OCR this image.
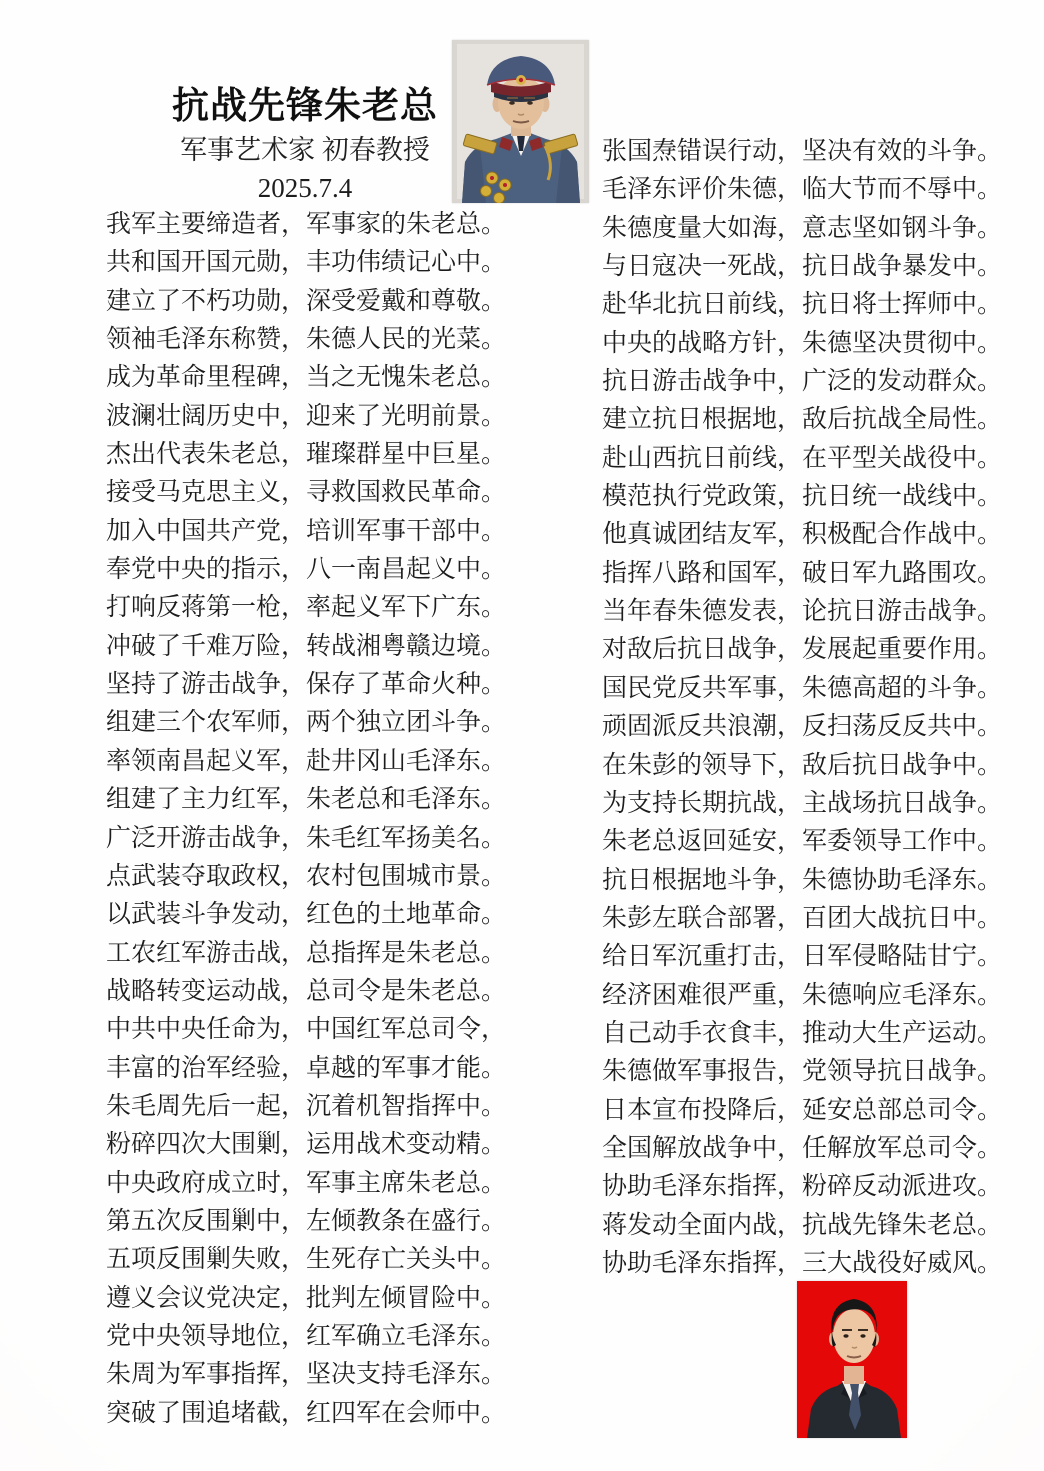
抗战先锋朱老总
军事艺术家 初春教授
2025.7.4
我军主要缔造者，军事家的朱老总。
共和国开国元勋，丰功伟绩记心中。
建立了不朽功勋，深受爱戴和尊敬。
领袖毛泽东称赞，朱德人民的光菜。
成为革命里程碑，当之无愧朱老总。
波澜壮阔历史中，迎来了光明前景。
杰出代表朱老总，璀璨群星中巨星。
接受马克思主义，寻救国救民革命。
加入中国共产党，培训军事干部中。
奉党中央的指示，八一南昌起义中。
打响反蒋第一枪，率起义军下广东。
冲破了千难万险，转战湘粤赣边境。
坚持了游击战争，保存了革命火种。
组建三个农军师，两个独立团斗争。
率领南昌起义军，赴井冈山毛泽东。
组建了主力红军，朱老总和毛泽东。
广泛开游击战争，朱毛红军扬美名。
点武装夺取政权，农村包围城市景。
以武装斗争发动，红色的土地革命。
工农红军游击战，总指挥是朱老总。
战略转变运动战，总司令是朱老总。
中共中央任命为，中国红军总司令，
丰富的治军经验，卓越的军事才能。
朱毛周先后一起，沉着机智指挥中。
粉碎四次大围剿，运用战术变动精。
中央政府成立时，军事主席朱老总。
第五次反围剿中，左倾教条在盛行。
五项反围剿失败，生死存亡关头中。
遵义会议党决定，批判左倾冒险中。
党中央领导地位，红军确立毛泽东。
朱周为军事指挥，坚决支持毛泽东。
突破了围追堵截，红四军在会师中。
张国焘错误行动，坚决有效的斗争。
毛泽东评价朱德，临大节而不辱中。
朱德度量大如海，意志坚如钢斗争。
与日寇决一死战，抗日战争暴发中。
赴华北抗日前线，抗日将士挥师中。
中央的战略方针，朱德坚决贯彻中。
抗日游击战争中，广泛的发动群众。
建立抗日根据地，敌后抗战全局性。
赴山西抗日前线，在平型关战役中。
模范执行党政策，抗日统一战线中。
他真诚团结友军，积极配合作战中。
指挥八路和国军，破日军九路围攻。
当年春朱德发表，论抗日游击战争。
对敌后抗日战争，发展起重要作用。
国民党反共军事，朱德高超的斗争。
顽固派反共浪潮，反扫荡反反共中。
在朱彭的领导下，敌后抗日战争中。
为支持长期抗战，主战场抗日战争。
朱老总返回延安，军委领导工作中。
抗日根据地斗争，朱德协助毛泽东。
朱彭左联合部署，百团大战抗日中。
给日军沉重打击，日军侵略陆甘宁。
经济困难很严重，朱德响应毛泽东。
自己动手衣食丰，推动大生产运动。
朱德做军事报告，党领导抗日战争。
日本宣布投降后，延安总部总司令。
全国解放战争中，任解放军总司令。
协助毛泽东指挥，粉碎反动派进攻。
蒋发动全面内战，抗战先锋朱老总。
协助毛泽东指挥，三大战役好威风。
